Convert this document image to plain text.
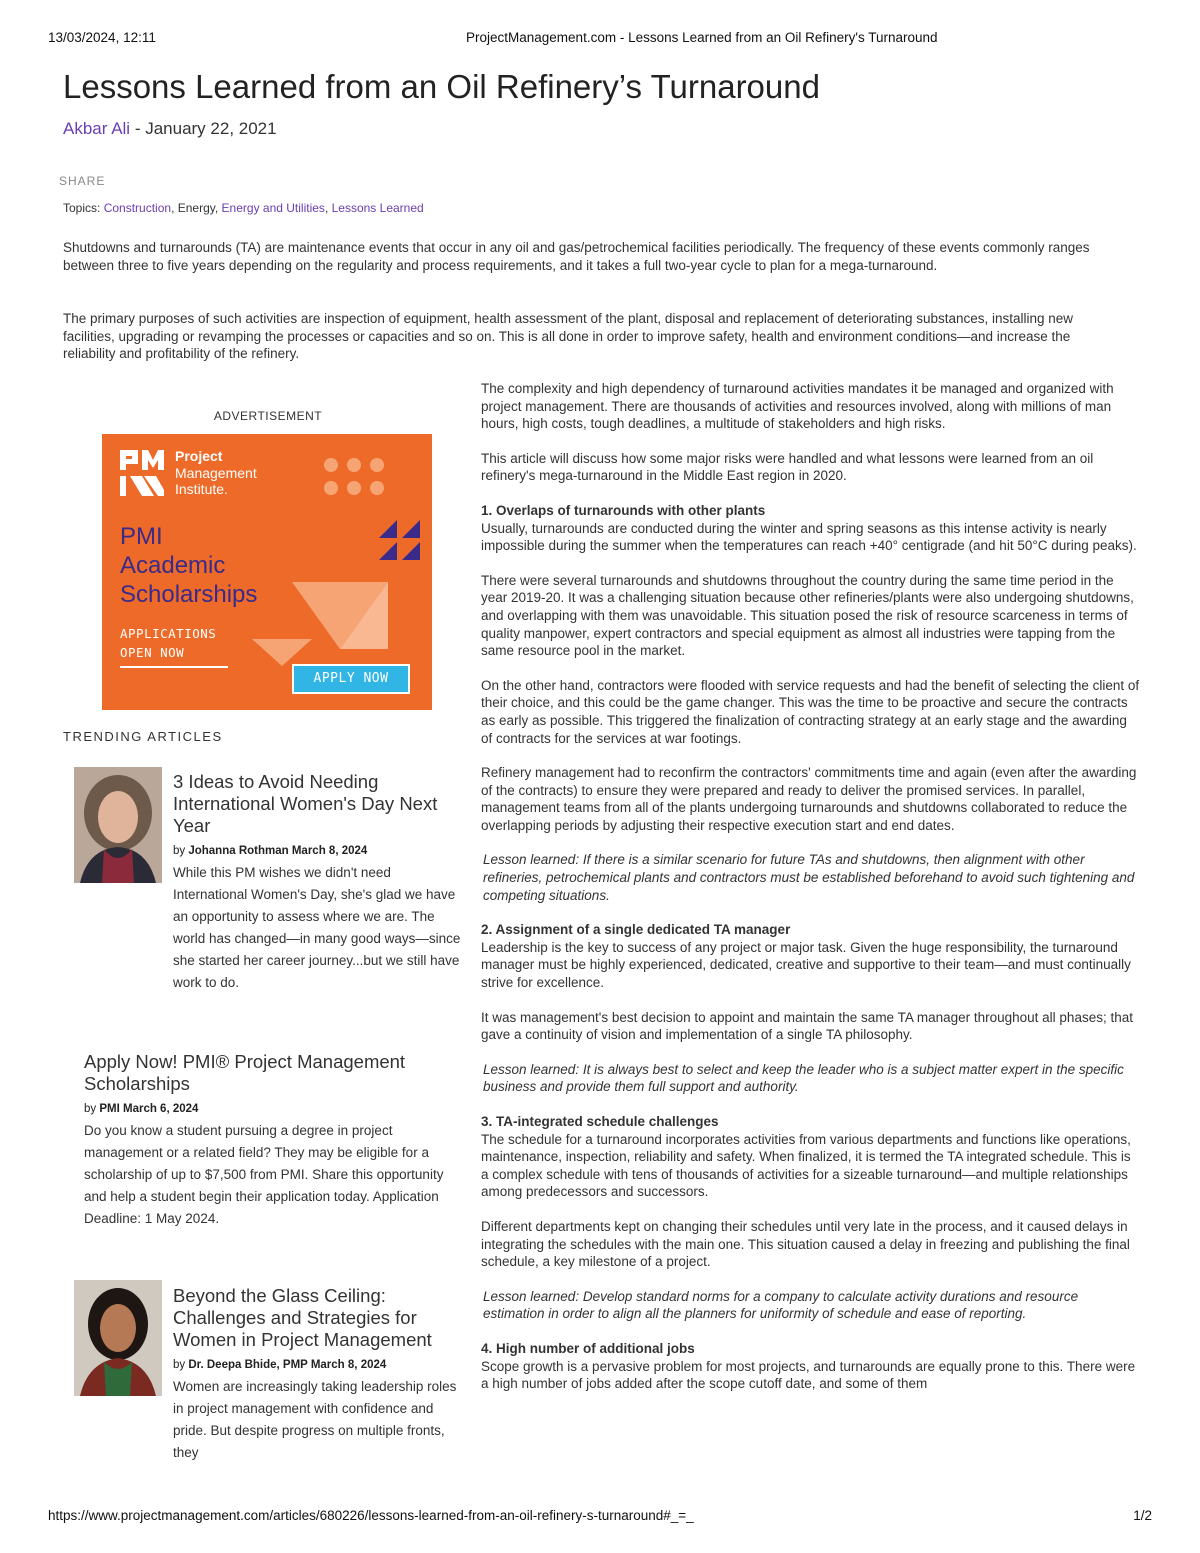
13/03/2024, 12:11	ProjectManagement.com - Lessons Learned from an Oil Refinery's Turnaround
Lessons Learned from an Oil Refinery’s Turnaround
Akbar Ali - January 22, 2021
SHARE
Topics: Construction, Energy, Energy and Utilities, Lessons Learned

Shutdowns and turnarounds (TA) are maintenance events that occur in any oil and gas/petrochemical facilities periodically. The frequency of these events commonly ranges between three to five years depending on the regularity and process requirements, and it takes a full two-year cycle to plan for a mega-turnaround.

The primary purposes of such activities are inspection of equipment, health assessment of the plant, disposal and replacement of deteriorating substances, installing new facilities, upgrading or revamping the processes or capacities and so on. This is all done in order to improve safety, health and environment conditions—and increase the reliability and profitability of the refinery.

ADVERTISEMENT
Project
Management
Institute.
PMI
Academic
Scholarships
APPLICATIONS
OPEN NOW
APPLY NOW
TRENDING ARTICLES
3 Ideas to Avoid Needing International Women's Day Next Year
by Johanna Rothman March 8, 2024
While this PM wishes we didn't need International Women's Day, she's glad we have an opportunity to assess where we are. The world has changed—in many good ways—since she started her career journey...but we still have work to do.
Apply Now! PMI® Project Management Scholarships
by PMI March 6, 2024
Do you know a student pursuing a degree in project management or a related field? They may be eligible for a scholarship of up to $7,500 from PMI. Share this opportunity and help a student begin their application today. Application Deadline: 1 May 2024.
Beyond the Glass Ceiling: Challenges and Strategies for Women in Project Management
by Dr. Deepa Bhide, PMP March 8, 2024
Women are increasingly taking leadership roles in project management with confidence and pride. But despite progress on multiple fronts, they

The complexity and high dependency of turnaround activities mandates it be managed and organized with project management. There are thousands of activities and resources involved, along with millions of man hours, high costs, tough deadlines, a multitude of stakeholders and high risks.

This article will discuss how some major risks were handled and what lessons were learned from an oil refinery's mega-turnaround in the Middle East region in 2020.

1. Overlaps of turnarounds with other plants

Usually, turnarounds are conducted during the winter and spring seasons as this intense activity is nearly impossible during the summer when the temperatures can reach +40° centigrade (and hit 50°C during peaks).

There were several turnarounds and shutdowns throughout the country during the same time period in the year 2019-20. It was a challenging situation because other refineries/plants were also undergoing shutdowns, and overlapping with them was unavoidable. This situation posed the risk of resource scarceness in terms of quality manpower, expert contractors and special equipment as almost all industries were tapping from the same resource pool in the market.

On the other hand, contractors were flooded with service requests and had the benefit of selecting the client of their choice, and this could be the game changer. This was the time to be proactive and secure the contracts as early as possible. This triggered the finalization of contracting strategy at an early stage and the awarding of contracts for the services at war footings.

Refinery management had to reconfirm the contractors' commitments time and again (even after the awarding of the contracts) to ensure they were prepared and ready to deliver the promised services. In parallel, management teams from all of the plants undergoing turnarounds and shutdowns collaborated to reduce the overlapping periods by adjusting their respective execution start and end dates.

Lesson learned: If there is a similar scenario for future TAs and shutdowns, then alignment with other refineries, petrochemical plants and contractors must be established beforehand to avoid such tightening and competing situations.

2. Assignment of a single dedicated TA manager

Leadership is the key to success of any project or major task. Given the huge responsibility, the turnaround manager must be highly experienced, dedicated, creative and supportive to their team—and must continually strive for excellence.

It was management's best decision to appoint and maintain the same TA manager throughout all phases; that gave a continuity of vision and implementation of a single TA philosophy.

Lesson learned: It is always best to select and keep the leader who is a subject matter expert in the specific business and provide them full support and authority.

3. TA-integrated schedule challenges

The schedule for a turnaround incorporates activities from various departments and functions like operations, maintenance, inspection, reliability and safety. When finalized, it is termed the TA integrated schedule. This is a complex schedule with tens of thousands of activities for a sizeable turnaround—and multiple relationships among predecessors and successors.

Different departments kept on changing their schedules until very late in the process, and it caused delays in integrating the schedules with the main one. This situation caused a delay in freezing and publishing the final schedule, a key milestone of a project.

Lesson learned: Develop standard norms for a company to calculate activity durations and resource estimation in order to align all the planners for uniformity of schedule and ease of reporting.

4. High number of additional jobs

Scope growth is a pervasive problem for most projects, and turnarounds are equally prone to this. There were a high number of jobs added after the scope cutoff date, and some of them

https://www.projectmanagement.com/articles/680226/lessons-learned-from-an-oil-refinery-s-turnaround#_=_	1/2
